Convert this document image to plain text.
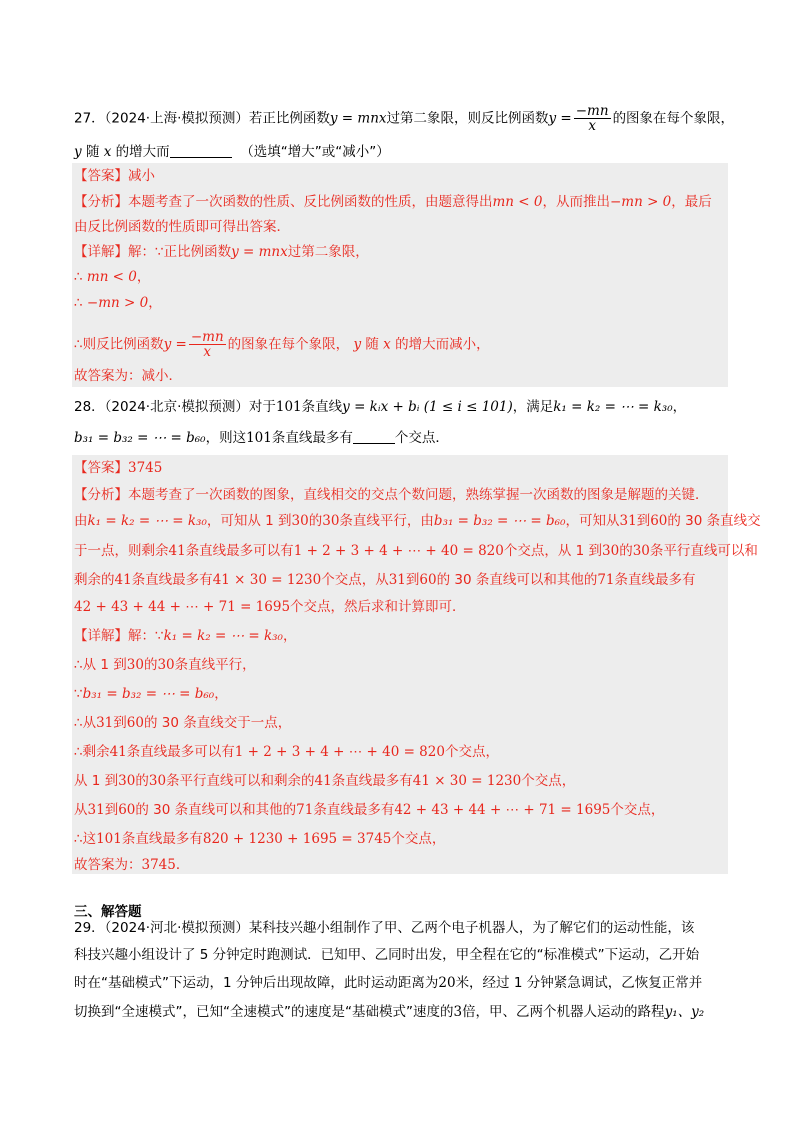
27．（2024·上海·模拟预测）若正比例函数y = mnx过第二象限，则反比例函数$y = \frac{-mn}{x}$ 的图象在每个象限，
y 随 x 的增大而	（选填“增大”或“减小”）
【答案】减小
【分析】本题考查了一次函数的性质、反比例函数的性质，由题意得出mn < 0，从而推出−mn > 0，最后
由反比例函数的性质即可得出答案．
【详解】解：∵正比例函数y = mnx过第二象限，
∴ mn < 0，
∴ −mn > 0，
∴则反比例函数$y = \frac{-mn}{x}$ 的图象在每个象限， y 随 x 的增大而减小，
故答案为：减小．
28．（2024·北京·模拟预测）对于101条直线y = kᵢx + bᵢ (1 ≤ i ≤ 101)，满足k₁ = k₂ = ⋯ = k₃₀，
b₃₁ = b₃₂ = ⋯ = b₆₀，则这101条直线最多有	个交点．
【答案】3745
【分析】本题考查了一次函数的图象，直线相交的交点个数问题，熟练掌握一次函数的图象是解题的关键．
由k₁ = k₂ = ⋯ = k₃₀，可知从 1 到30的30条直线平行，由b₃₁ = b₃₂ = ⋯ = b₆₀，可知从31到60的 30 条直线交
于一点，则剩余41条直线最多可以有1 + 2 + 3 + 4 + ⋯ + 40 = 820个交点，从 1 到30的30条平行直线可以和
剩余的41条直线最多有41 × 30 = 1230个交点，从31到60的 30 条直线可以和其他的71条直线最多有
42 + 43 + 44 + ⋯ + 71 = 1695个交点，然后求和计算即可．
【详解】解：∵k₁ = k₂ = ⋯ = k₃₀，
∴从 1 到30的30条直线平行，
∵b₃₁ = b₃₂ = ⋯ = b₆₀，
∴从31到60的 30 条直线交于一点，
∴剩余41条直线最多可以有1 + 2 + 3 + 4 + ⋯ + 40 = 820个交点，
从 1 到30的30条平行直线可以和剩余的41条直线最多有41 × 30 = 1230个交点，
从31到60的 30 条直线可以和其他的71条直线最多有42 + 43 + 44 + ⋯ + 71 = 1695个交点，
∴这101条直线最多有820 + 1230 + 1695 = 3745个交点，
故答案为：3745．
三、解答题
29．（2024·河北·模拟预测）某科技兴趣小组制作了甲、乙两个电子机器人，为了解它们的运动性能，该
科技兴趣小组设计了 5 分钟定时跑测试．已知甲、乙同时出发，甲全程在它的“标准模式”下运动，乙开始
时在“基础模式”下运动，1 分钟后出现故障，此时运动距离为20米，经过 1 分钟紧急调试，乙恢复正常并
切换到“全速模式”，已知“全速模式”的速度是“基础模式”速度的3倍，甲、乙两个机器人运动的路程y₁、y₂
